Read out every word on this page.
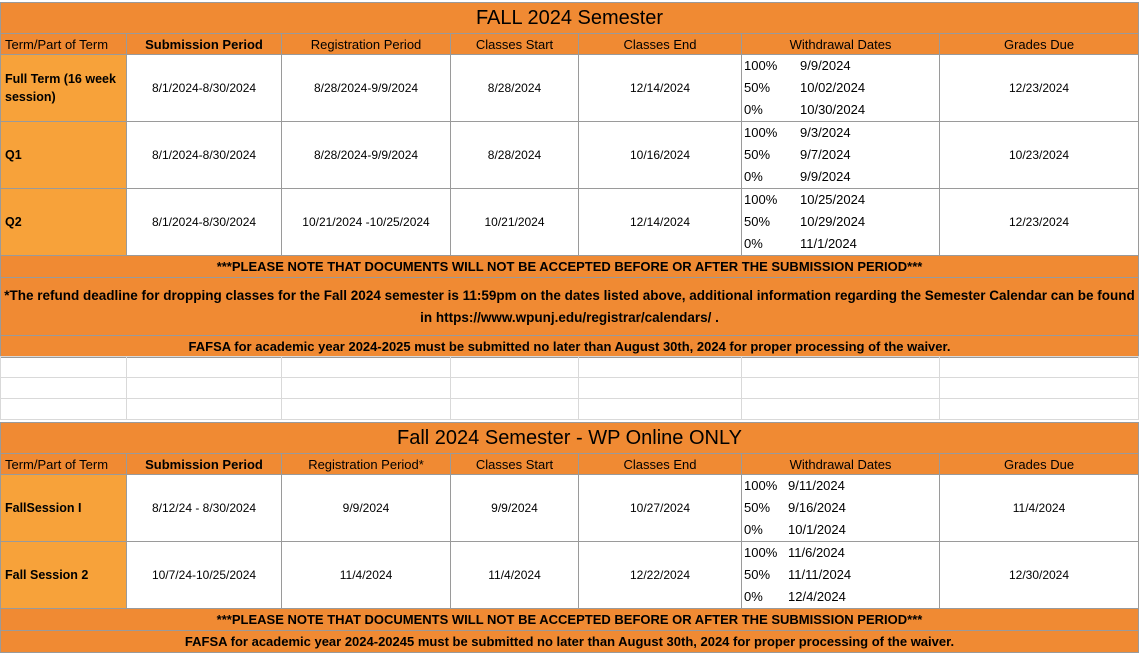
FALL 2024 Semester						
Term/Part of Term	Submission Period	Registration Period	Classes Start	Classes End	Withdrawal Dates	Grades Due
Full Term (16 week session)	8/1/2024-8/30/2024	8/28/2024-9/9/2024	8/28/2024	12/14/2024	100% 9/9/2024
50% 10/02/2024
0% 10/30/2024	12/23/2024
Q1	8/1/2024-8/30/2024	8/28/2024-9/9/2024	8/28/2024	10/16/2024	100% 9/3/2024
50% 9/7/2024
0% 9/9/2024	10/23/2024
Q2	8/1/2024-8/30/2024	10/21/2024 -10/25/2024	10/21/2024	12/14/2024	100% 10/25/2024
50% 10/29/2024
0% 11/1/2024	12/23/2024
***PLEASE NOTE THAT DOCUMENTS WILL NOT BE ACCEPTED BEFORE OR AFTER THE SUBMISSION PERIOD***						
*The refund deadline for dropping classes for the Fall 2024 semester is 11:59pm on the dates listed above, additional information regarding the Semester Calendar can be found in https://www.wpunj.edu/registrar/calendars/ .						
FAFSA for academic year 2024-2025 must be submitted no later than August 30th, 2024 for proper processing of the waiver.						

Fall 2024 Semester - WP Online ONLY						
Term/Part of Term	Submission Period	Registration Period*	Classes Start	Classes End	Withdrawal Dates	Grades Due
FallSession I	8/12/24 - 8/30/2024	9/9/2024	9/9/2024	10/27/2024	100% 9/11/2024
50% 9/16/2024
0% 10/1/2024	11/4/2024
Fall Session 2	10/7/24-10/25/2024	11/4/2024	11/4/2024	12/22/2024	100% 11/6/2024
50% 11/11/2024
0% 12/4/2024	12/30/2024
***PLEASE NOTE THAT DOCUMENTS WILL NOT BE ACCEPTED BEFORE OR AFTER THE SUBMISSION PERIOD***						
FAFSA for academic year 2024-20245 must be submitted no later than August 30th, 2024 for proper processing of the waiver.						
